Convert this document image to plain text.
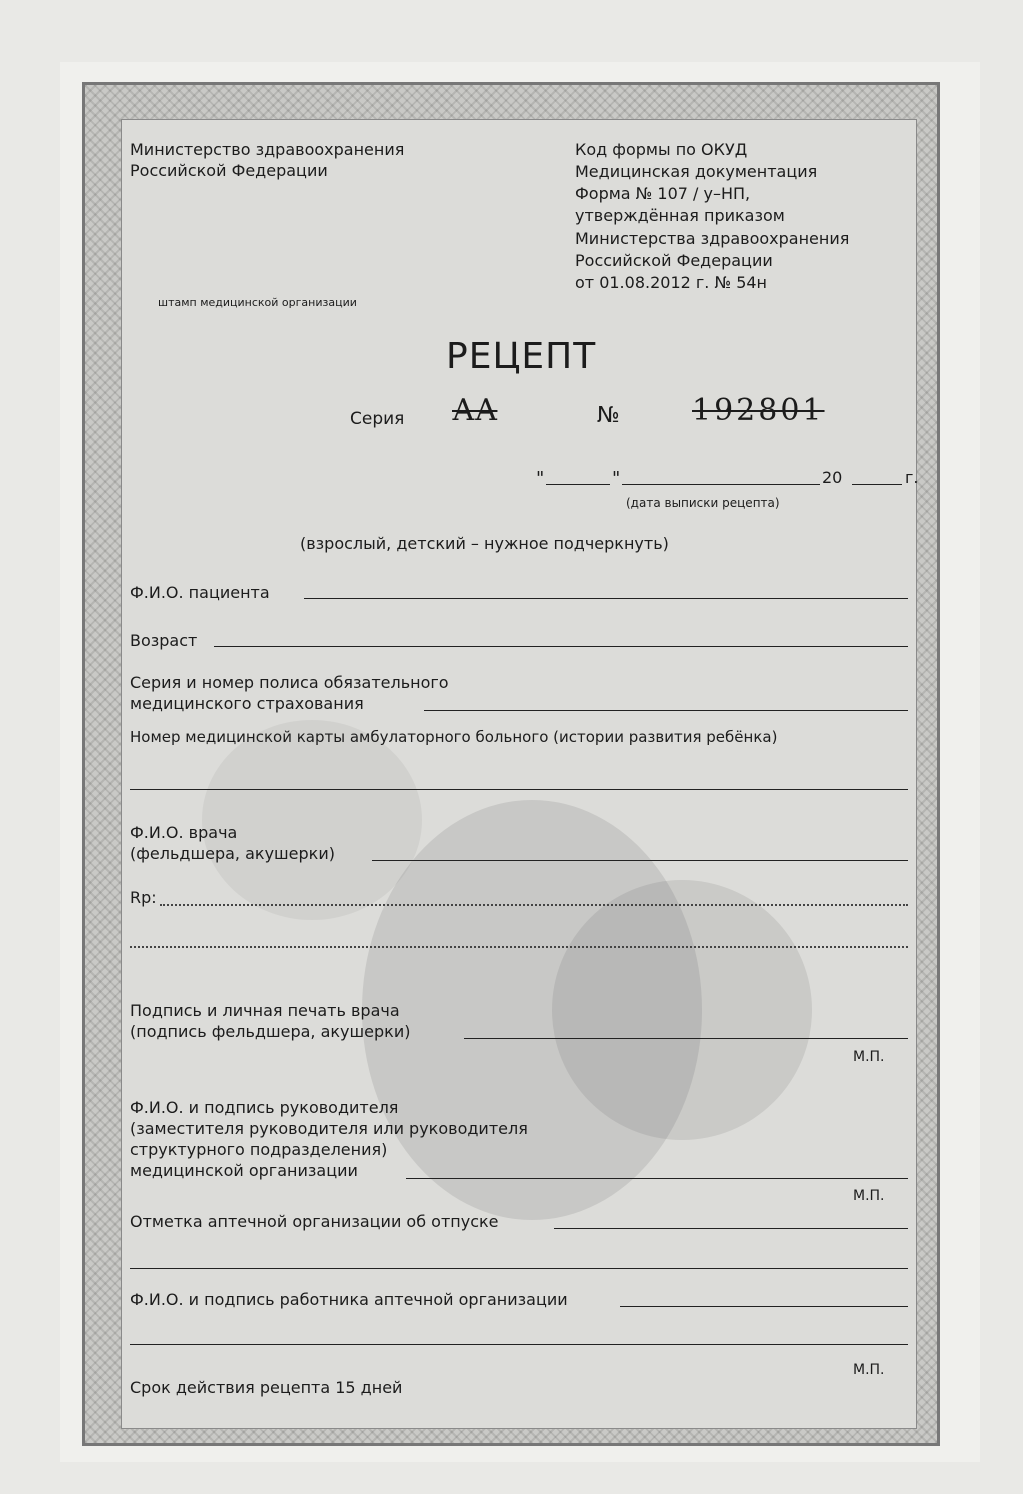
Министерство здравоохранения
Российской Федерации
штамп медицинской организации
Код формы по ОКУД
Медицинская документация
Форма № 107 / у–НП,
утверждённая приказом
Министерства здравоохранения
Российской Федерации
от 01.08.2012 г. № 54н
РЕЦЕПТ
Серия АА	№ 192801
"	"	20	г.
(дата выписки рецепта)
(взрослый, детский – нужное подчеркнуть)
Ф.И.О. пациента
Возраст
Серия и номер полиса обязательного
медицинского страхования
Номер медицинской карты амбулаторного больного (истории развития ребёнка)
Ф.И.О. врача
(фельдшера, акушерки)
Rp:
Подпись и личная печать врача
(подпись фельдшера, акушерки)
М.П.
Ф.И.О. и подпись руководителя
(заместителя руководителя или руководителя
структурного подразделения)
медицинской организации
М.П.
Отметка аптечной организации об отпуске
Ф.И.О. и подпись работника аптечной организации
М.П.
Срок действия рецепта 15 дней
